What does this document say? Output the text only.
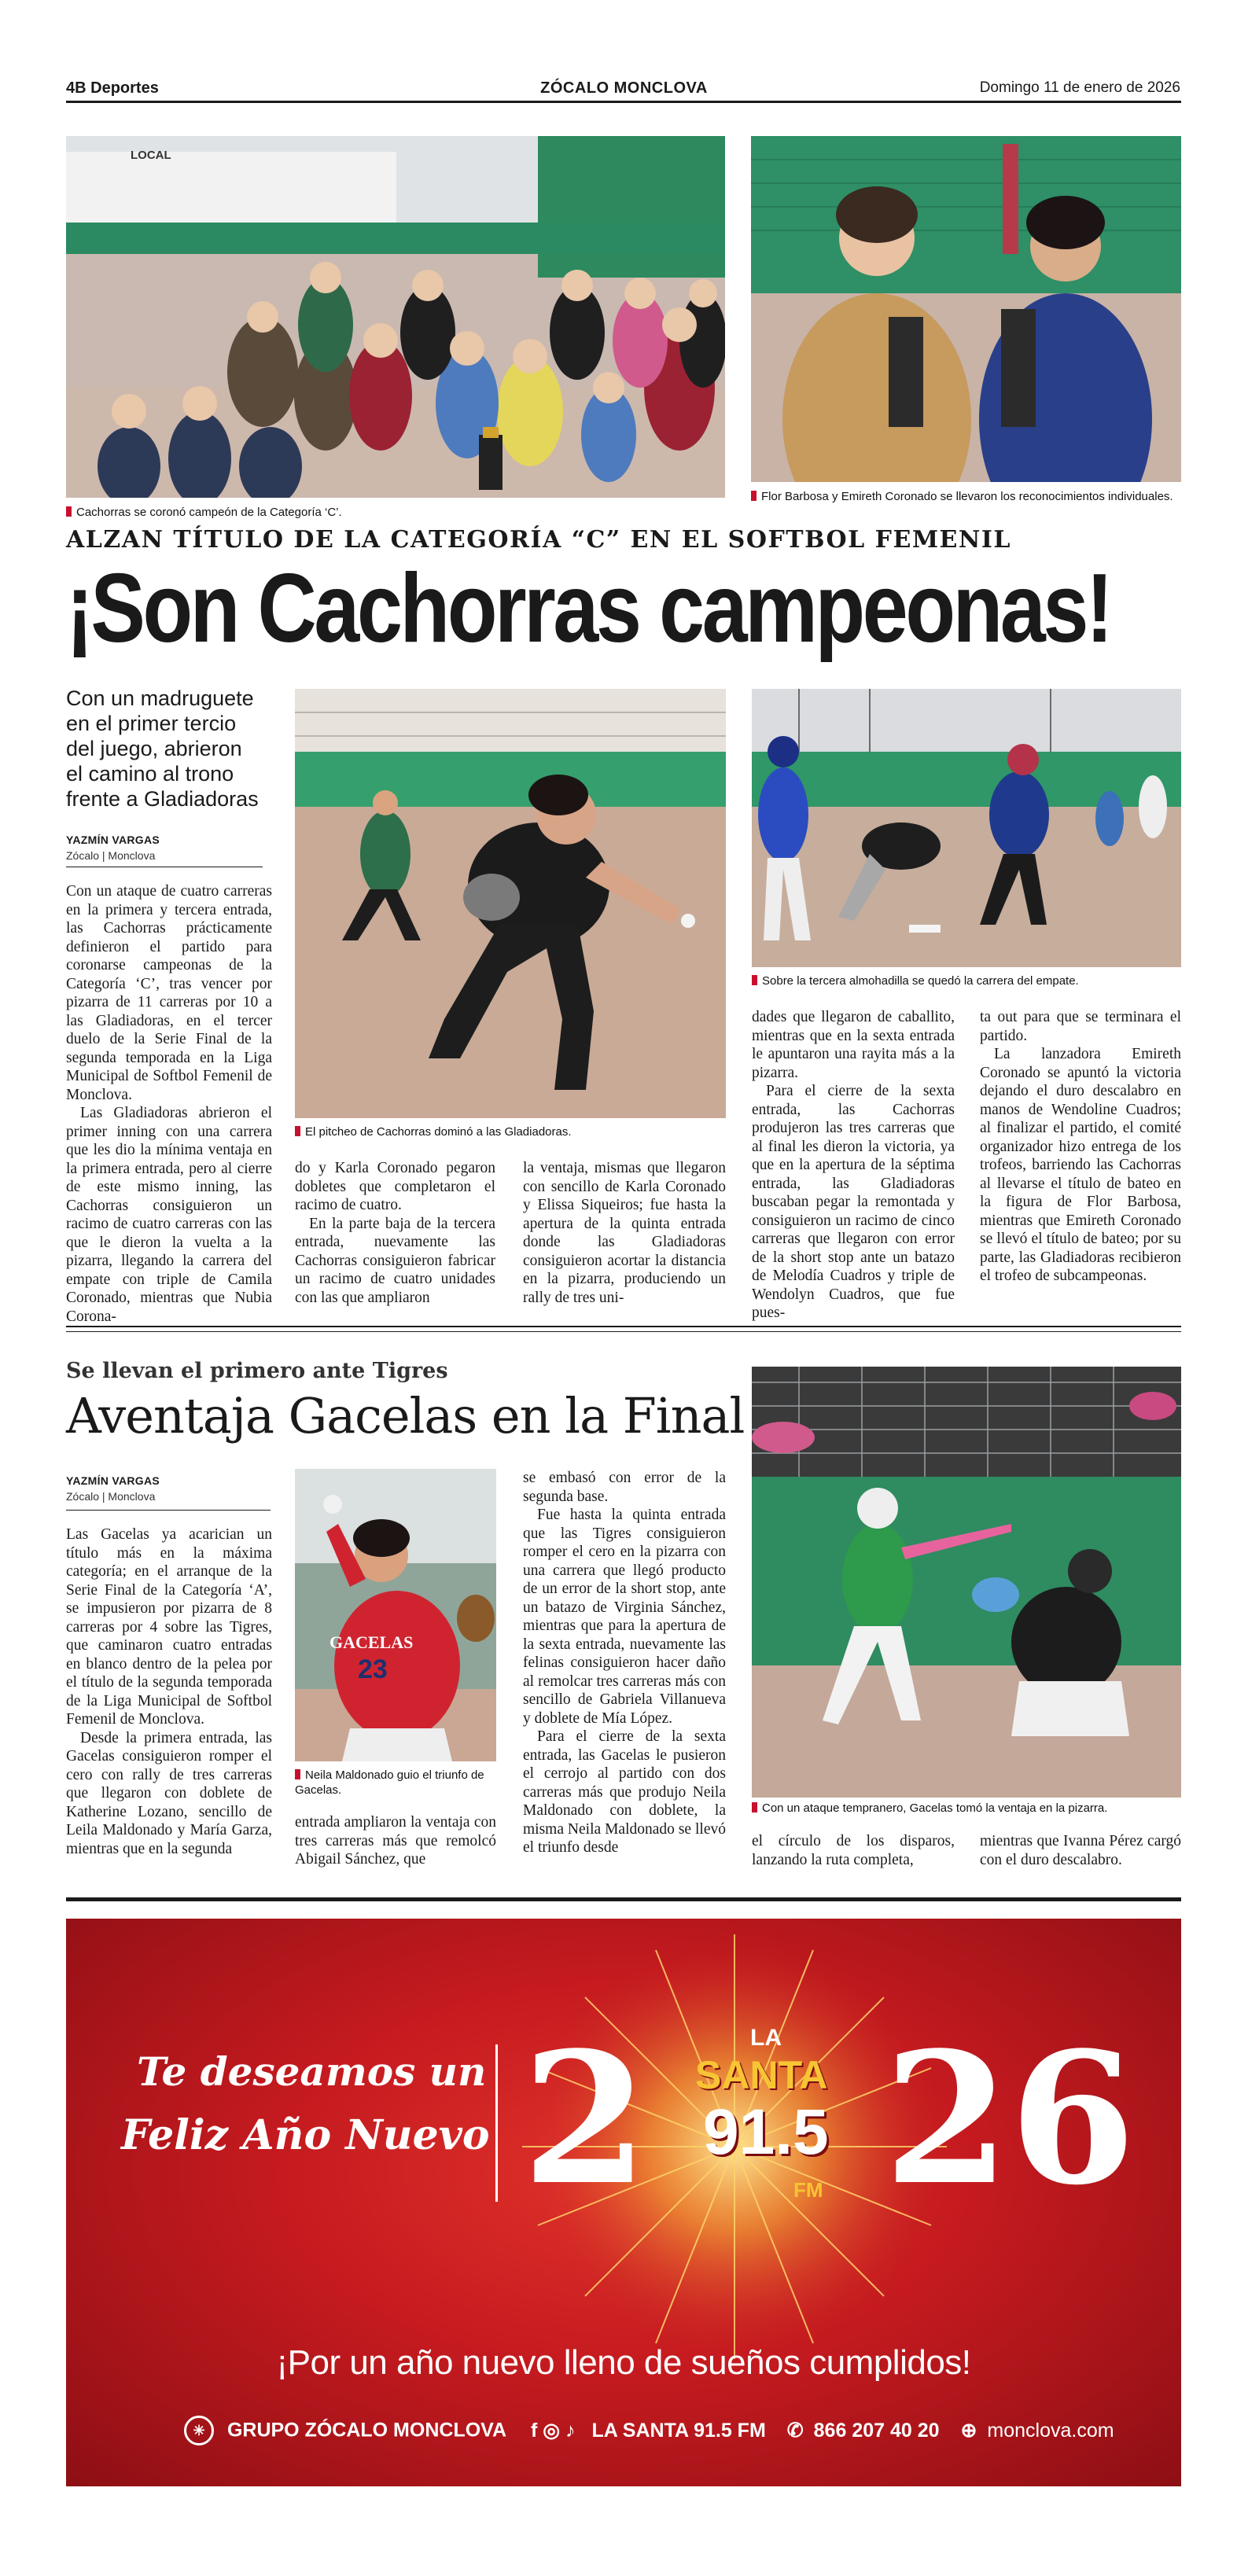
4B Deportes	ZÓCALO MONCLOVA	Domingo 11 de enero de 2026
LOCAL
Cachorras se coronó campeón de la Categoría ‘C’.
Flor Barbosa y Emireth Coronado se llevaron los reconocimientos individuales.
ALZAN TÍTULO DE LA CATEGORÍA “C” EN EL SOFTBOL FEMENIL
¡Son Cachorras campeonas!
Con un madruguete en el primer tercio del juego, abrieron el camino al trono frente a Gladiadoras
YAZMÍN VARGAS
Zócalo | Monclova
El pitcheo de Cachorras dominó a las Gladiadoras.
Sobre la tercera almohadilla se quedó la carrera del empate.

Con un ataque de cuatro carreras en la primera y tercera entrada, las Cachorras prácticamente definieron el partido para coronarse campeonas de la Categoría ‘C’, tras vencer por pizarra de 11 carreras por 10 a las Gladiadoras, en el tercer duelo de la Serie Final de la segunda temporada en la Liga Municipal de Softbol Femenil de Monclova.

Las Gladiadoras abrieron el primer inning con una carrera que les dio la mínima ventaja en la primera entrada, pero al cierre de este mismo inning, las Cachorras consiguieron un racimo de cuatro carreras con las que le dieron la vuelta a la pizarra, llegando la carrera del empate con triple de Camila Coronado, mientras que Nubia Corona-

do y Karla Coronado pegaron dobletes que completaron el racimo de cuatro.

En la parte baja de la tercera entrada, nuevamente las Cachorras consiguieron fabricar un racimo de cuatro unidades con las que ampliaron

la ventaja, mismas que llegaron con sencillo de Karla Coronado y Elissa Siqueiros; fue hasta la apertura de la quinta entrada donde las Gladiadoras consiguieron acortar la distancia en la pizarra, produciendo un rally de tres uni-

dades que llegaron de caballito, mientras que en la sexta entrada le apuntaron una rayita más a la pizarra.

Para el cierre de la sexta entrada, las Cachorras produjeron las tres carreras que al final les dieron la victoria, ya que en la apertura de la séptima entrada, las Gladiadoras buscaban pegar la remontada y consiguieron un racimo de cinco carreras que llegaron con error de la short stop ante un batazo de Melodía Cuadros y triple de Wendolyn Cuadros, que fue pues-

ta out para que se terminara el partido.

La lanzadora Emireth Coronado se apuntó la victoria dejando el duro descalabro en manos de Wendoline Cuadros; al finalizar el partido, el comité organizador hizo entrega de los trofeos, barriendo las Cachorras al llevarse el título de bateo en la figura de Flor Barbosa, mientras que Emireth Coronado se llevó el título de bateo; por su parte, las Gladiadoras recibieron el trofeo de subcampeonas.

Se llevan el primero ante Tigres
Aventaja Gacelas en la Final
YAZMÍN VARGAS
Zócalo | Monclova

Las Gacelas ya acarician un título más en la máxima categoría; en el arranque de la Serie Final de la Categoría ‘A’, se impusieron por pizarra de 8 carreras por 4 sobre las Tigres, que caminaron cuatro entradas en blanco dentro de la pelea por el título de la segunda temporada de la Liga Municipal de Softbol Femenil de Monclova.

Desde la primera entrada, las Gacelas consiguieron romper el cero con rally de tres carreras que llegaron con doblete de Katherine Lozano, sencillo de Leila Maldonado y María Garza, mientras que en la segunda

GACELAS
23
Neila Maldonado guio el triunfo de Gacelas.

entrada ampliaron la ventaja con tres carreras más que remolcó Abigail Sánchez, que

se embasó con error de la segunda base.

Fue hasta la quinta entrada que las Tigres consiguieron romper el cero en la pizarra con una carrera que llegó producto de un error de la short stop, ante un batazo de Virginia Sánchez, mientras que para la apertura de la sexta entrada, nuevamente las felinas consiguieron hacer daño al remolcar tres carreras más con sencillo de Gabriela Villanueva y doblete de Mía López.

Para el cierre de la sexta entrada, las Gacelas le pusieron el cerrojo al partido con dos carreras más que produjo Neila Maldonado con doblete, la misma Neila Maldonado se llevó el triunfo desde

Con un ataque tempranero, Gacelas tomó la ventaja en la pizarra.

el círculo de los disparos, lanzando la ruta completa,

mientras que Ivanna Pérez cargó con el duro descalabro.

Te deseamos un
Feliz Año Nuevo 2 26
LA
SANTA
91.5
FM
¡Por un año nuevo lleno de sueños cumplidos!
✳ GRUPO ZÓCALO MONCLOVA f ◎ ♪ LA SANTA 91.5 FM ✆ 866 207 40 20 ⊕ monclova.com
